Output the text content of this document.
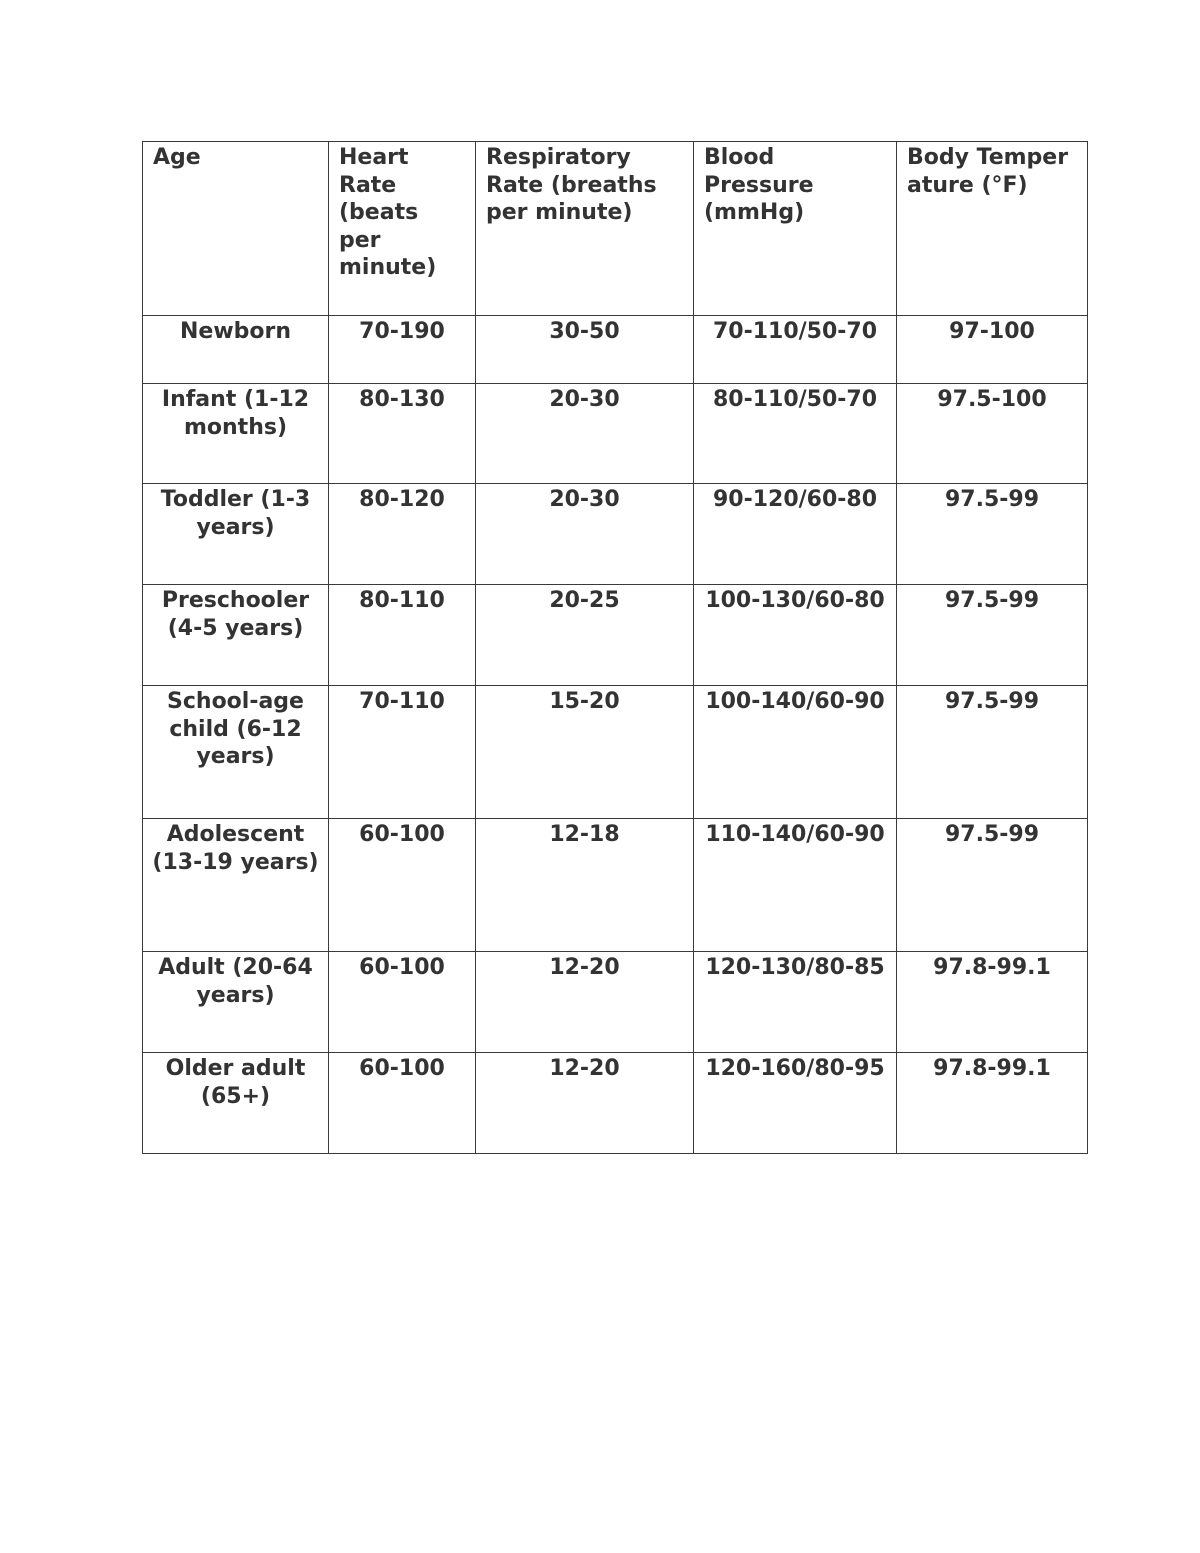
Age	Heart Rate (beats per minute)	Respiratory Rate (breaths per minute)	Blood Pressure (mmHg)	Body Temperature (°F)
Newborn	70-190	30-50	70-110/50-70	97-100
Infant (1-12 months)	80-130	20-30	80-110/50-70	97.5-100
Toddler (1-3 years)	80-120	20-30	90-120/60-80	97.5-99
Preschooler (4-5 years)	80-110	20-25	100-130/60-80	97.5-99
School-age child (6-12 years)	70-110	15-20	100-140/60-90	97.5-99
Adolescent (13-19 years)	60-100	12-18	110-140/60-90	97.5-99
Adult (20-64 years)	60-100	12-20	120-130/80-85	97.8-99.1
Older adult (65+)	60-100	12-20	120-160/80-95	97.8-99.1
